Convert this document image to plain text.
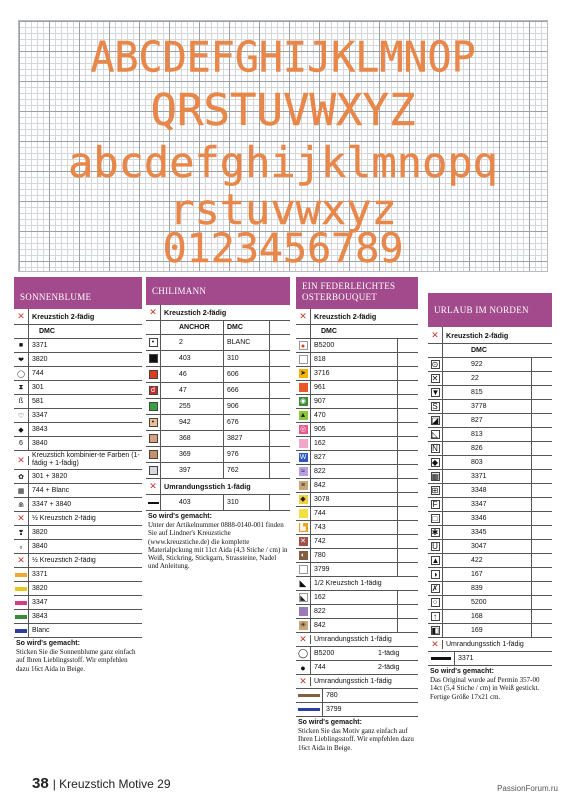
ABCDEFGHIJKLMNOP
QRSTUVWXYZ
abcdefghijklmnopq
rstuvwxyz
0123456789
SONNENBLUME
✕	Kreuzstich 2-fädig
DMC
■	3371
❤	3820
◯	744
⧗	301
ß	581
♡	3347
◆	3843
6	3840
✕	Kreuzstich kombinier-te Farben (1-fädig + 1-fädig)
✿	301 + 3820
▦	744 + Blanc
⋒	3347 + 3840
✕	½ Kreuzstich 2-fädig
❣	3820
ₒ	3840
✕	½ Kreuzstich 2-fädig
3371
3820
3347
3843
Blanc
So wird's gemacht:
Sticken Sie die Sonnenblume ganz einfach auf Ihren Lieblingsstoff. Wir empfehlen dazu 16ct Aida in Beige.
CHILIMANN
✕	Kreuzstich 2-fädig
ANCHOR	DMC
•	2	BLANC
403	310
46	606
d	47	666
255	906
•	942	676
368	3827
369	976
397	762
✕	Umrandungsstich 1-fädig
403	310
So wird's gemacht:
Unter der Artikelnummer 0888-0140-001 finden Sie auf Lindner's Kreuzstiche (www.kreuzstiche.de) die komplette Materialpckung mit 11ct Aida (4,3 Stiche / cm) in Weiß, Stickring, Stickgarn, Strassteine, Nadel und Anleitung.
EIN FEDERLEICHTES OSTERBOUQUET
✕	Kreuzstich 2-fädig
DMC
●	B5200
818
➤	3716
961
◉	907
▲	470
◎	905
162
W	827
≈	822
≡	842
◆	3078
744
▙	743
✕	742
◐	780
3799
◣	1/2 Kreuzstich 1-fädig
◣	162
822
✳	842
✕	Umrandungsstich 1-fädig
◯ B5200	1-fädig
●	744	2-fädig
✕	Umrandungsstich 1-fädig
780
3799
So wird's gemacht:
Sticken Sie das Motiv ganz einfach auf Ihren Lieblingsstoff. Wir empfehlen dazu 16ct Aida in Beige.
URLAUB IM NORDEN
✕	Kreuzstich 2-fädig
DMC
⊙	922
✕	22
▼	815
S	3778
◪	827
◺	813
N	826
◆	803
▦	3371
⊞	3348
F	3347
□	3346
✱	3345
U	3047
▲	422
◑	167
✗	839
⁘	5200
↑	168
◧	169
✕	Umrandungsstich 1-fädig
3371
So wird's gemacht:
Das Original wurde auf Permin 357-00 14ct (5,4 Stiche / cm) in Weiß gestickt. Fertige Größe 17x21 cm.
38 | Kreuzstich Motive 29	PassionForum.ru
